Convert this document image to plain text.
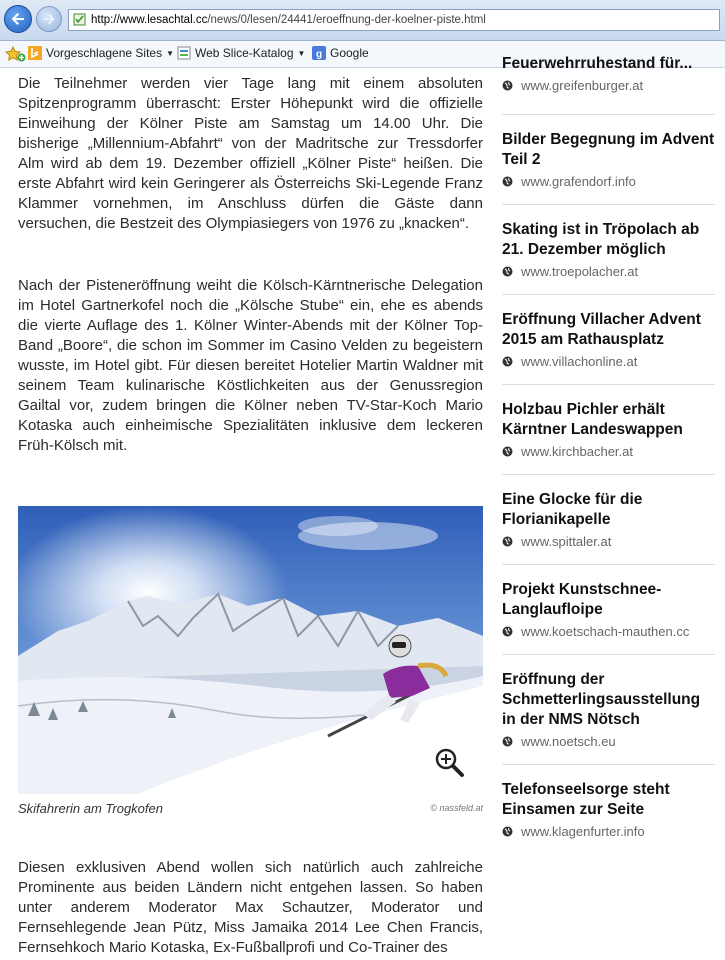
http://www.lesachtal.cc/news/0/lesen/24441/eroeffnung-der-koelner-piste.html
Vorgeschlagene Sites ▼ Web Slice-Katalog ▼ g Google

Die Teilnehmer werden vier Tage lang mit einem absoluten Spitzenprogramm überrascht: Erster Höhepunkt wird die offizielle Einweihung der Kölner Piste am Samstag um 14.00 Uhr. Die bisherige „Millennium-Abfahrt“ von der Madritsche zur Tressdorfer Alm wird ab dem 19. Dezember offiziell „Kölner Piste“ heißen. Die erste Abfahrt wird kein Geringerer als Österreichs Ski-Legende Franz Klammer vornehmen, im Anschluss dürfen die Gäste dann versuchen, die Bestzeit des Olympiasiegers von 1976 zu „knacken“.

Nach der Pisteneröffnung weiht die Kölsch-Kärntnerische Delegation im Hotel Gartnerkofel noch die „Kölsche Stube“ ein, ehe es abends die vierte Auflage des 1. Kölner Winter-Abends mit der Kölner Top-Band „Boore“, die schon im Sommer im Casino Velden zu begeistern wusste, im Hotel gibt. Für diesen bereitet Hotelier Martin Waldner mit seinem Team kulinarische Köstlichkeiten aus der Genussregion Gailtal vor, zudem bringen die Kölner neben TV-Star-Koch Mario Kotaska auch einheimische Spezialitäten inklusive dem leckeren Früh-Kölsch mit.

Skifahrerin am Trogkofen	© nassfeld.at

Diesen exklusiven Abend wollen sich natürlich auch zahlreiche Prominente aus beiden Ländern nicht entgehen lassen. So haben unter anderem Moderator Max Schautzer, Moderator und Fernsehlegende Jean Pütz, Miss Jamaika 2014 Lee Chen Francis, Fernsehkoch Mario Kotaska, Ex-Fußballprofi und Co-Trainer des

Feuerwehrruhestand für...
www.greifenburger.at
Bilder Begegnung im Advent Teil 2
www.grafendorf.info
Skating ist in Tröpolach ab 21. Dezember möglich
www.troepolacher.at
Eröffnung Villacher Advent 2015 am Rathausplatz
www.villachonline.at
Holzbau Pichler erhält Kärntner Landeswappen
www.kirchbacher.at
Eine Glocke für die Florianikapelle
www.spittaler.at
Projekt Kunstschnee-Langlaufloipe
www.koetschach-mauthen.cc
Eröffnung der Schmetterlingsausstellung in der NMS Nötsch
www.noetsch.eu
Telefonseelsorge steht Einsamen zur Seite
www.klagenfurter.info
